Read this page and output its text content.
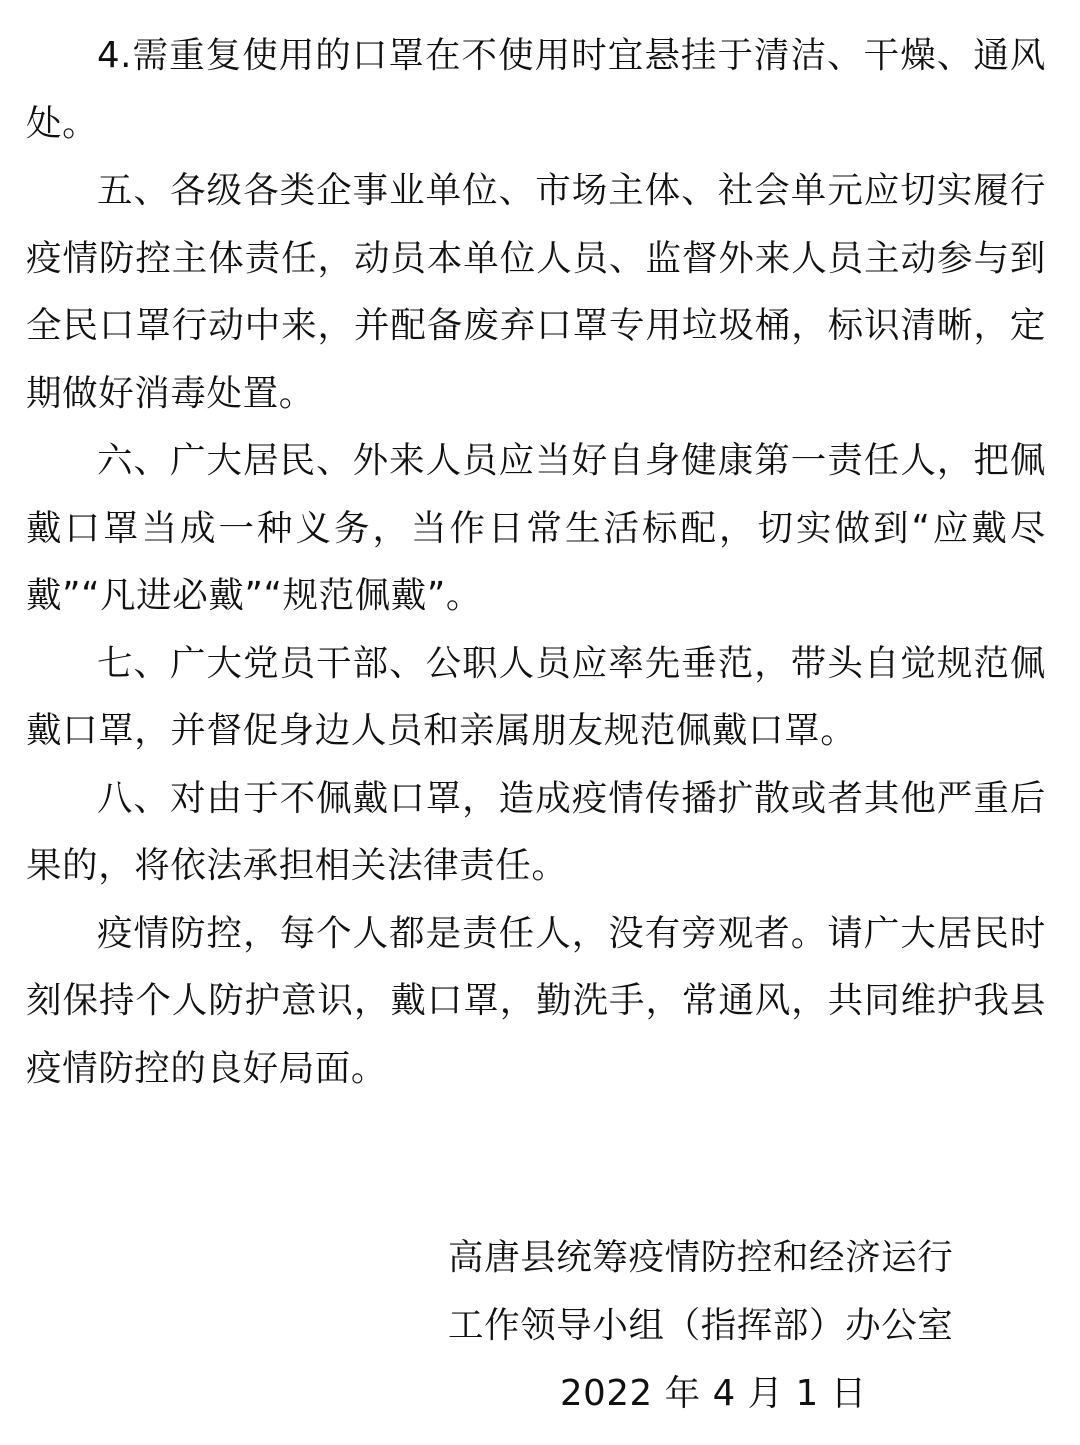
4.需重复使用的口罩在不使用时宜悬挂于清洁、干燥、通风处。

五、各级各类企事业单位、市场主体、社会单元应切实履行疫情防控主体责任，动员本单位人员、监督外来人员主动参与到全民口罩行动中来，并配备废弃口罩专用垃圾桶，标识清晰，定期做好消毒处置。

六、广大居民、外来人员应当好自身健康第一责任人，把佩戴口罩当成一种义务，当作日常生活标配，切实做到“应戴尽戴”“凡进必戴”“规范佩戴”。

七、广大党员干部、公职人员应率先垂范，带头自觉规范佩戴口罩，并督促身边人员和亲属朋友规范佩戴口罩。

八、对由于不佩戴口罩，造成疫情传播扩散或者其他严重后果的，将依法承担相关法律责任。

疫情防控，每个人都是责任人，没有旁观者。请广大居民时刻保持个人防护意识，戴口罩，勤洗手，常通风，共同维护我县疫情防控的良好局面。

高唐县统筹疫情防控和经济运行
工作领导小组（指挥部）办公室
2022 年 4 月 1 日
